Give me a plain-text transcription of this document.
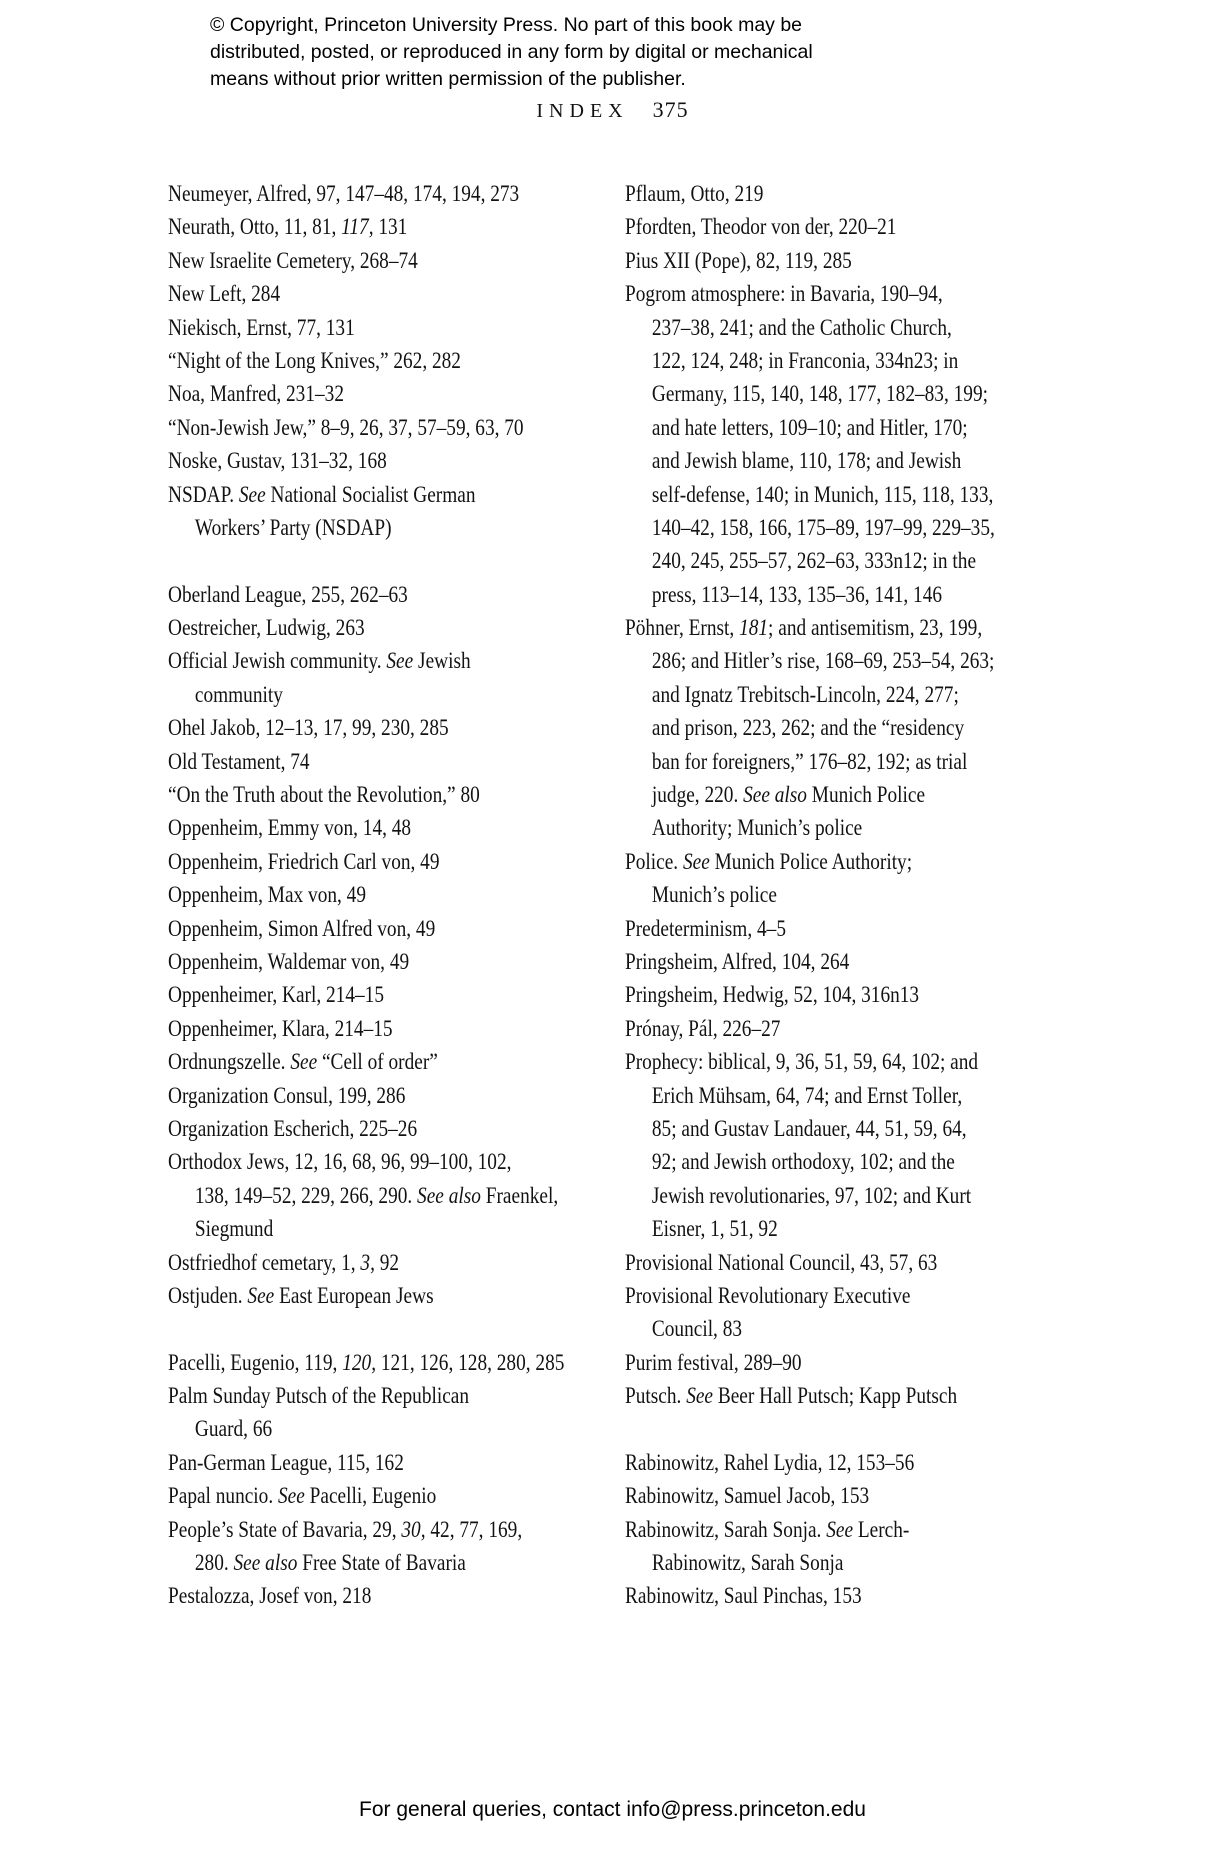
© Copyright, Princeton University Press. No part of this book may be
distributed, posted, or reproduced in any form by digital or mechanical
means without prior written permission of the publisher.
INDEX 375
Neumeyer, Alfred, 97, 147–48, 174, 194, 273
Neurath, Otto, 11, 81, 117, 131
New Israelite Cemetery, 268–74
New Left, 284
Niekisch, Ernst, 77, 131
“Night of the Long Knives,” 262, 282
Noa, Manfred, 231–32
“Non-Jewish Jew,” 8–9, 26, 37, 57–59, 63, 70
Noske, Gustav, 131–32, 168
NSDAP. See National Socialist German
Workers’ Party (NSDAP)
Oberland League, 255, 262–63
Oestreicher, Ludwig, 263
Official Jewish community. See Jewish
community
Ohel Jakob, 12–13, 17, 99, 230, 285
Old Testament, 74
“On the Truth about the Revolution,” 80
Oppenheim, Emmy von, 14, 48
Oppenheim, Friedrich Carl von, 49
Oppenheim, Max von, 49
Oppenheim, Simon Alfred von, 49
Oppenheim, Waldemar von, 49
Oppenheimer, Karl, 214–15
Oppenheimer, Klara, 214–15
Ordnungszelle. See “Cell of order”
Organization Consul, 199, 286
Organization Escherich, 225–26
Orthodox Jews, 12, 16, 68, 96, 99–100, 102,
138, 149–52, 229, 266, 290. See also Fraenkel,
Siegmund
Ostfriedhof cemetary, 1, 3, 92
Ostjuden. See East European Jews
Pacelli, Eugenio, 119, 120, 121, 126, 128, 280, 285
Palm Sunday Putsch of the Republican
Guard, 66
Pan-German League, 115, 162
Papal nuncio. See Pacelli, Eugenio
People’s State of Bavaria, 29, 30, 42, 77, 169,
280. See also Free State of Bavaria
Pestalozza, Josef von, 218
Pflaum, Otto, 219
Pfordten, Theodor von der, 220–21
Pius XII (Pope), 82, 119, 285
Pogrom atmosphere: in Bavaria, 190–94,
237–38, 241; and the Catholic Church,
122, 124, 248; in Franconia, 334n23; in
Germany, 115, 140, 148, 177, 182–83, 199;
and hate letters, 109–10; and Hitler, 170;
and Jewish blame, 110, 178; and Jewish
self-defense, 140; in Munich, 115, 118, 133,
140–42, 158, 166, 175–89, 197–99, 229–35,
240, 245, 255–57, 262–63, 333n12; in the
press, 113–14, 133, 135–36, 141, 146
Pöhner, Ernst, 181; and antisemitism, 23, 199,
286; and Hitler’s rise, 168–69, 253–54, 263;
and Ignatz Trebitsch-Lincoln, 224, 277;
and prison, 223, 262; and the “residency
ban for foreigners,” 176–82, 192; as trial
judge, 220. See also Munich Police
Authority; Munich’s police
Police. See Munich Police Authority;
Munich’s police
Predeterminism, 4–5
Pringsheim, Alfred, 104, 264
Pringsheim, Hedwig, 52, 104, 316n13
Prónay, Pál, 226–27
Prophecy: biblical, 9, 36, 51, 59, 64, 102; and
Erich Mühsam, 64, 74; and Ernst Toller,
85; and Gustav Landauer, 44, 51, 59, 64,
92; and Jewish orthodoxy, 102; and the
Jewish revolutionaries, 97, 102; and Kurt
Eisner, 1, 51, 92
Provisional National Council, 43, 57, 63
Provisional Revolutionary Executive
Council, 83
Purim festival, 289–90
Putsch. See Beer Hall Putsch; Kapp Putsch
Rabinowitz, Rahel Lydia, 12, 153–56
Rabinowitz, Samuel Jacob, 153
Rabinowitz, Sarah Sonja. See Lerch-
Rabinowitz, Sarah Sonja
Rabinowitz, Saul Pinchas, 153
For general queries, contact info@press.princeton.edu
